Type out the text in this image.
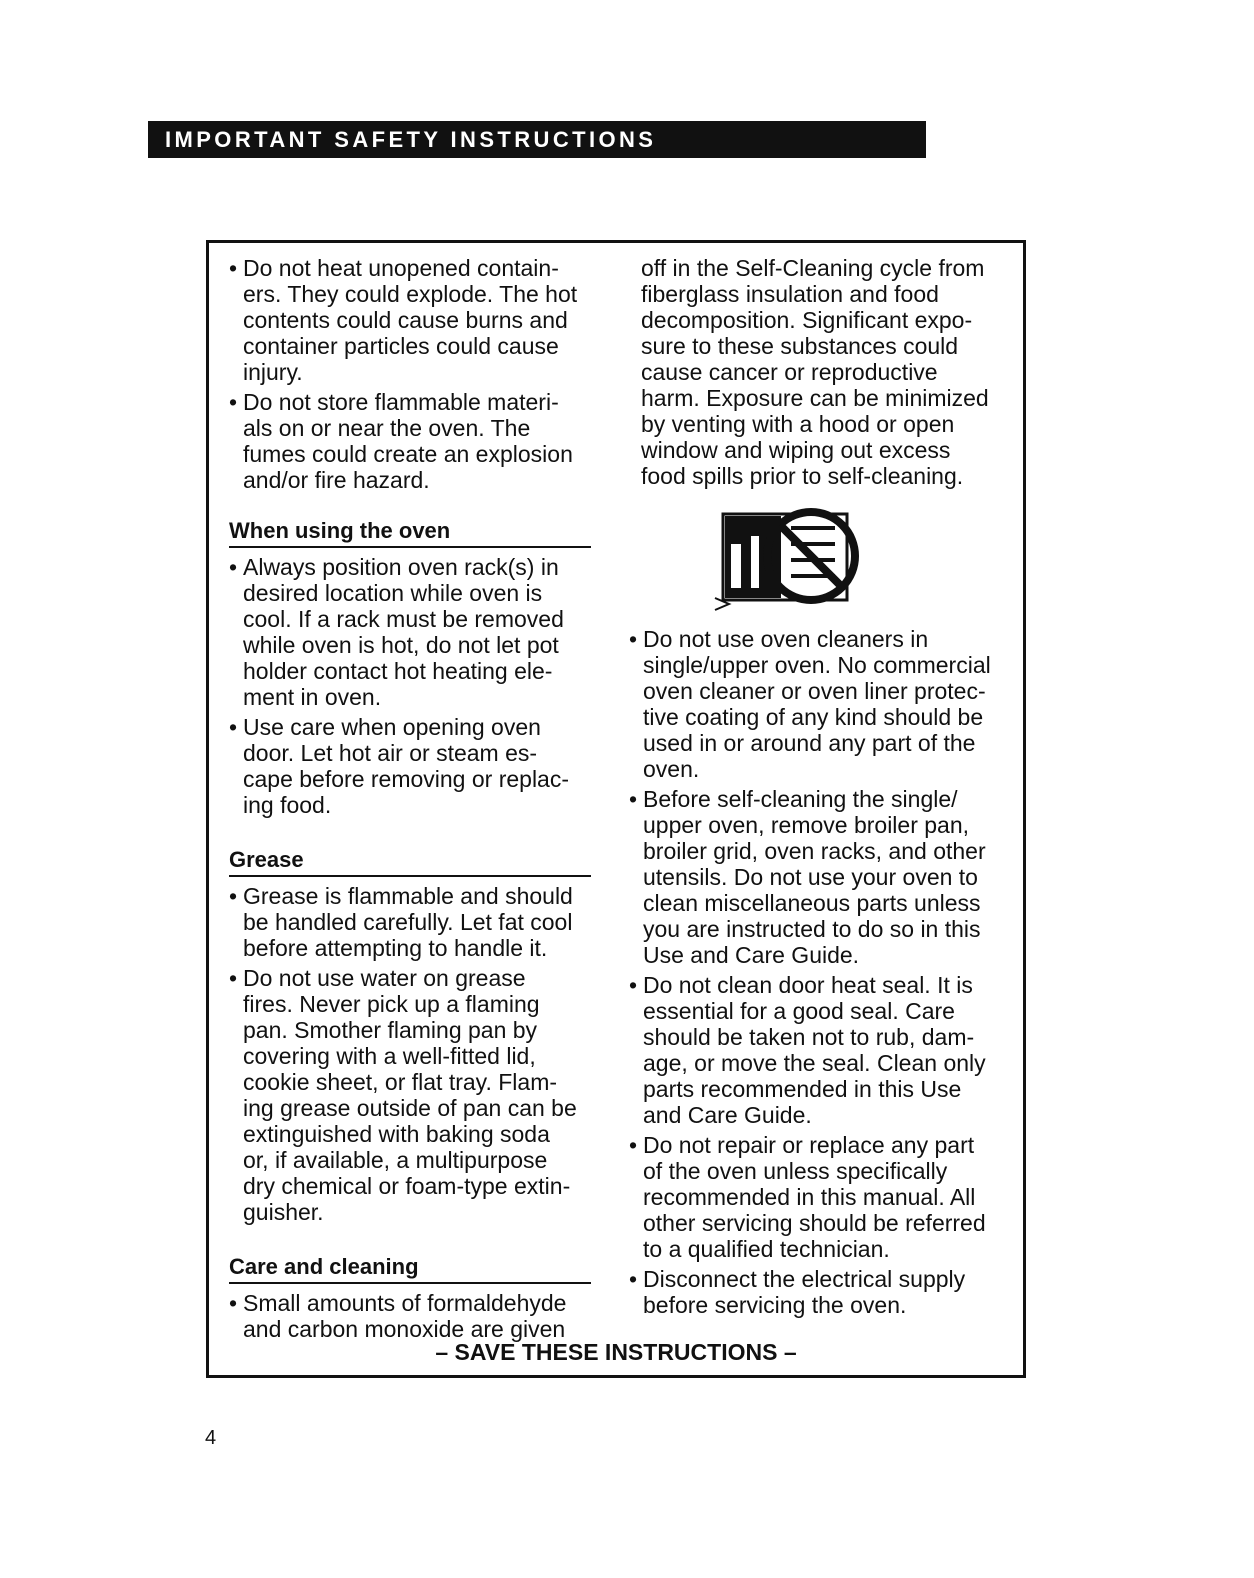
IMPORTANT SAFETY INSTRUCTIONS
• Do not heat unopened contain-
ers. They could explode. The hot
contents could cause burns and
container particles could cause
injury.
• Do not store flammable materi-
als on or near the oven. The
fumes could create an explosion
and/or fire hazard.
When using the oven
• Always position oven rack(s) in
desired location while oven is
cool. If a rack must be removed
while oven is hot, do not let pot
holder contact hot heating ele-
ment in oven.
• Use care when opening oven
door. Let hot air or steam es-
cape before removing or replac-
ing food.
Grease
• Grease is flammable and should
be handled carefully. Let fat cool
before attempting to handle it.
• Do not use water on grease
fires. Never pick up a flaming
pan. Smother flaming pan by
covering with a well-fitted lid,
cookie sheet, or flat tray. Flam-
ing grease outside of pan can be
extinguished with baking soda
or, if available, a multipurpose
dry chemical or foam-type extin-
guisher.
Care and cleaning
• Small amounts of formaldehyde
and carbon monoxide are given
off in the Self-Cleaning cycle from
fiberglass insulation and food
decomposition. Significant expo-
sure to these substances could
cause cancer or reproductive
harm. Exposure can be minimized
by venting with a hood or open
window and wiping out excess
food spills prior to self-cleaning.
• Do not use oven cleaners in
single/upper oven. No commercial
oven cleaner or oven liner protec-
tive coating of any kind should be
used in or around any part of the
oven.
• Before self-cleaning the single/
upper oven, remove broiler pan,
broiler grid, oven racks, and other
utensils. Do not use your oven to
clean miscellaneous parts unless
you are instructed to do so in this
Use and Care Guide.
• Do not clean door heat seal. It is
essential for a good seal. Care
should be taken not to rub, dam-
age, or move the seal. Clean only
parts recommended in this Use
and Care Guide.
• Do not repair or replace any part
of the oven unless specifically
recommended in this manual. All
other servicing should be referred
to a qualified technician.
• Disconnect the electrical supply
before servicing the oven.
– SAVE THESE INSTRUCTIONS –
4
